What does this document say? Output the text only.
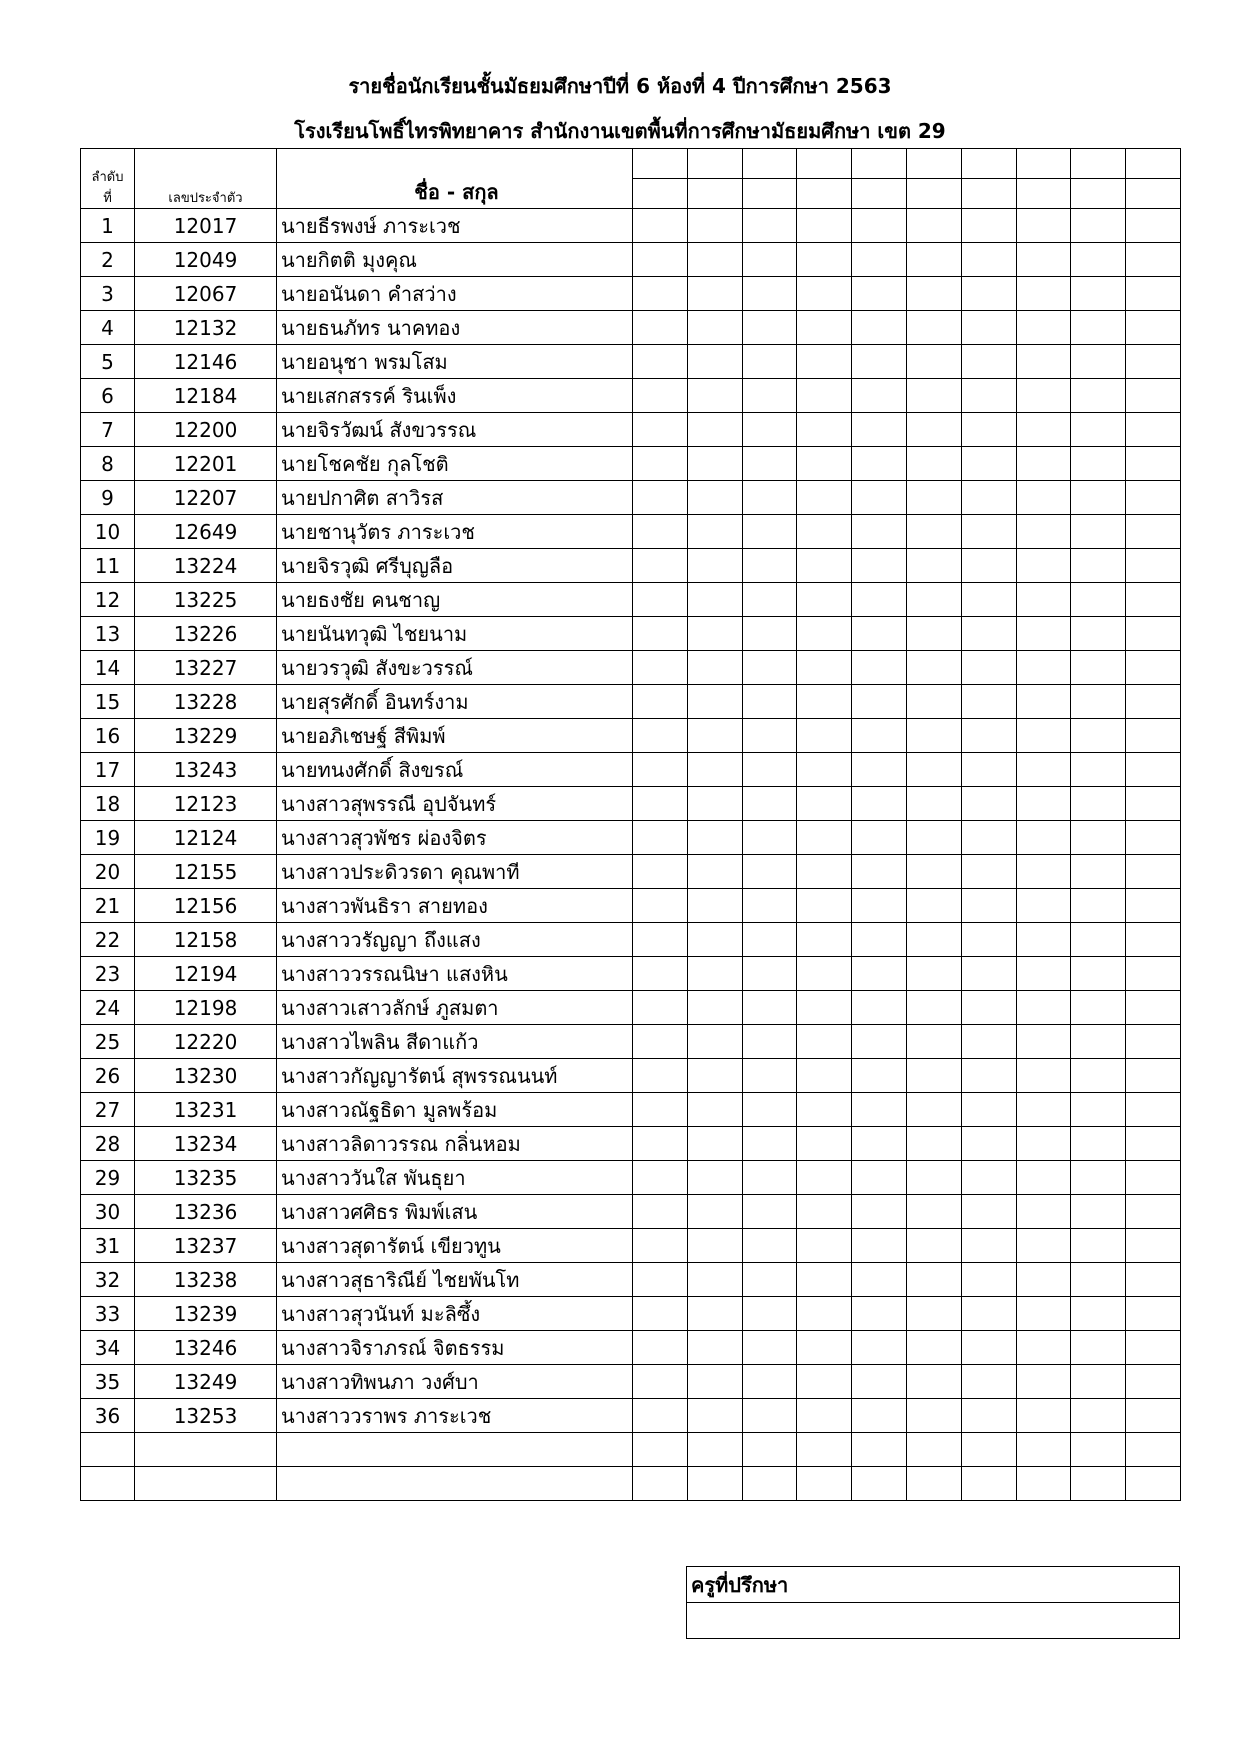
รายชื่อนักเรียนชั้นมัธยมศึกษาปีที่ 6 ห้องที่ 4 ปีการศึกษา 2563
โรงเรียนโพธิ์ไทรพิทยาคาร สำนักงานเขตพื้นที่การศึกษามัธยมศึกษา เขต 29
ลำดับ
ที่	เลขประจำตัว	ชื่อ - สกุล										

1	12017	นายธีรพงษ์ ภาระเวช										
2	12049	นายกิตติ มุงคุณ										
3	12067	นายอนันดา คำสว่าง										
4	12132	นายธนภัทร นาคทอง										
5	12146	นายอนุชา พรมโสม										
6	12184	นายเสกสรรค์ รินเพ็ง										
7	12200	นายจิรวัฒน์ สังขวรรณ										
8	12201	นายโชคชัย กุลโชติ										
9	12207	นายปกาศิต สาวิรส										
10	12649	นายชานุวัตร ภาระเวช										
11	13224	นายจิรวุฒิ ศรีบุญลือ										
12	13225	นายธงชัย คนชาญ										
13	13226	นายนันทวุฒิ ไชยนาม										
14	13227	นายวรวุฒิ สังขะวรรณ์										
15	13228	นายสุรศักดิ์ อินทร์งาม										
16	13229	นายอภิเชษฐ์ สีพิมพ์										
17	13243	นายทนงศักดิ์ สิงขรณ์										
18	12123	นางสาวสุพรรณี อุปจันทร์										
19	12124	นางสาวสุวพัชร ผ่องจิตร										
20	12155	นางสาวประดิวรดา คุณพาที										
21	12156	นางสาวพันธิรา สายทอง										
22	12158	นางสาววรัญญา ถึงแสง										
23	12194	นางสาววรรณนิษา แสงหิน										
24	12198	นางสาวเสาวลักษ์ ภูสมตา										
25	12220	นางสาวไพลิน สีดาแก้ว										
26	13230	นางสาวกัญญารัตน์ สุพรรณนนท์										
27	13231	นางสาวณัฐธิดา มูลพร้อม										
28	13234	นางสาวลิดาวรรณ กลิ่นหอม										
29	13235	นางสาววันใส พันธุยา										
30	13236	นางสาวศศิธร พิมพ์เสน										
31	13237	นางสาวสุดารัตน์ เขียวทูน										
32	13238	นางสาวสุธาริณีย์ ไชยพันโท										
33	13239	นางสาวสุวนันท์ มะลิซึ้ง										
34	13246	นางสาวจิราภรณ์ จิตธรรม										
35	13249	นางสาวทิพนภา วงศ์บา										
36	13253	นางสาววราพร ภาระเวช										

ครูที่ปรึกษา
